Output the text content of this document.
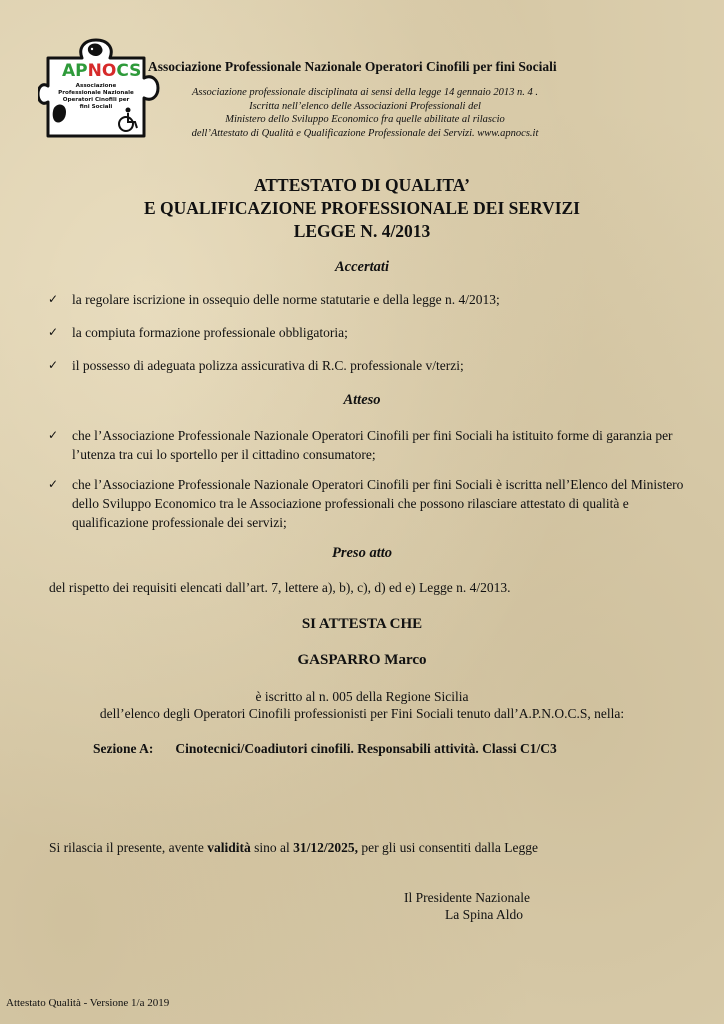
APNOCS
Associazione
Professionale Nazionale
Operatori Cinofili per
fini Sociali
Associazione Professionale Nazionale Operatori Cinofili per fini Sociali
Associazione professionale disciplinata ai sensi della legge 14 gennaio 2013 n. 4 .
Iscritta nell’elenco delle Associazioni Professionali del
Ministero dello Sviluppo Economico fra quelle abilitate al rilascio
dell’Attestato di Qualità e Qualificazione Professionale dei Servizi. www.apnocs.it
ATTESTATO DI QUALITA’
E QUALIFICAZIONE PROFESSIONALE DEI SERVIZI
LEGGE N. 4/2013
Accertati
✓ la regolare iscrizione in ossequio delle norme statutarie e della legge n. 4/2013;
✓ la compiuta formazione professionale obbligatoria;
✓ il possesso di adeguata polizza assicurativa di R.C. professionale v/terzi;
Atteso
✓ che l’Associazione Professionale Nazionale Operatori Cinofili per fini Sociali ha istituito forme di garanzia per l’utenza tra cui lo sportello per il cittadino consumatore;
✓ che l’Associazione Professionale Nazionale Operatori Cinofili per fini Sociali è iscritta nell’Elenco del Ministero dello Sviluppo Economico tra le Associazione professionali che possono rilasciare attestato di qualità e qualificazione professionale dei servizi;
Preso atto
del rispetto dei requisiti elencati dall’art. 7, lettere a), b), c), d) ed e) Legge n. 4/2013.
SI ATTESTA CHE
GASPARRO Marco
è iscritto al n. 005 della Regione Sicilia
dell’elenco degli Operatori Cinofili professionisti per Fini Sociali tenuto dall’A.P.N.O.C.S, nella:
Sezione A: Cinotecnici/Coadiutori cinofili. Responsabili attività. Classi C1/C3
Si rilascia il presente, avente validità sino al 31/12/2025, per gli usi consentiti dalla Legge
Il Presidente Nazionale
La Spina Aldo
Attestato Qualità - Versione 1/a 2019
